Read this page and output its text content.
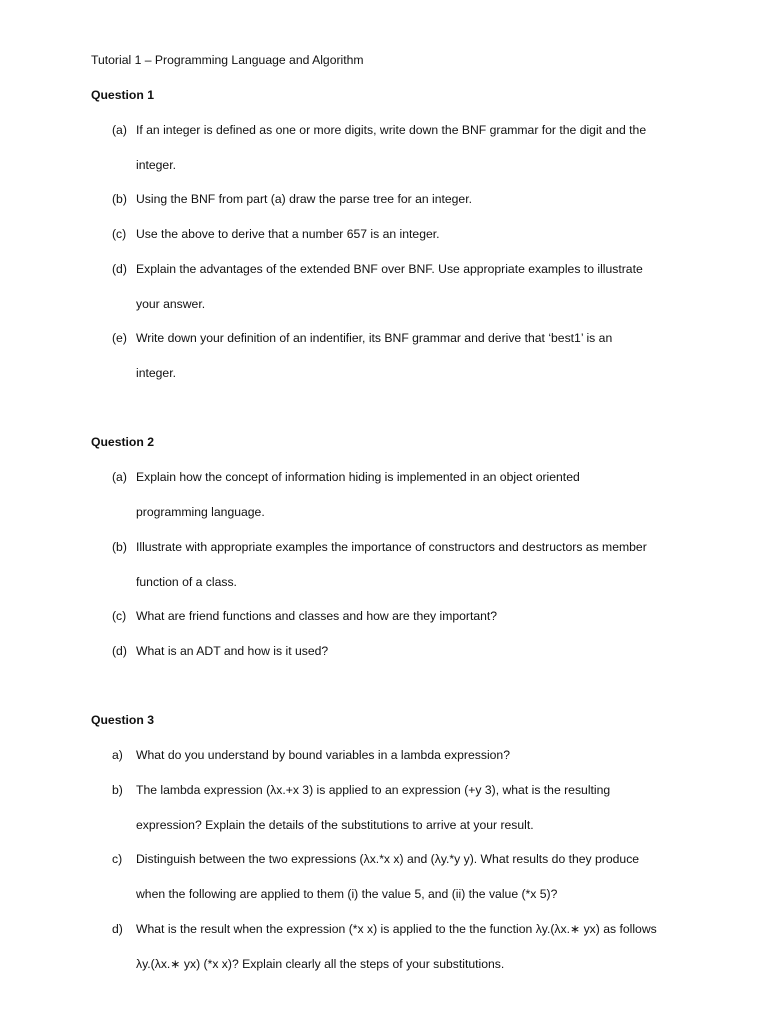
Tutorial 1 – Programming Language and Algorithm
Question 1
(a) If an integer is defined as one or more digits, write down the BNF grammar for the digit and the
integer.
(b) Using the BNF from part (a) draw the parse tree for an integer.
(c) Use the above to derive that a number 657 is an integer.
(d) Explain the advantages of the extended BNF over BNF. Use appropriate examples to illustrate
your answer.
(e) Write down your definition of an indentifier, its BNF grammar and derive that ‘best1’ is an
integer.
Question 2
(a) Explain how the concept of information hiding is implemented in an object oriented
programming language.
(b) Illustrate with appropriate examples the importance of constructors and destructors as member
function of a class.
(c) What are friend functions and classes and how are they important?
(d) What is an ADT and how is it used?
Question 3
a) What do you understand by bound variables in a lambda expression?
b) The lambda expression (λx.+x 3) is applied to an expression (+y 3), what is the resulting
expression? Explain the details of the substitutions to arrive at your result.
c) Distinguish between the two expressions (λx.*x x) and (λy.*y y). What results do they produce
when the following are applied to them (i) the value 5, and (ii) the value (*x 5)?
d) What is the result when the expression (*x x) is applied to the the function λy.(λx.∗ yx) as follows
λy.(λx.∗ yx) (*x x)? Explain clearly all the steps of your substitutions.
